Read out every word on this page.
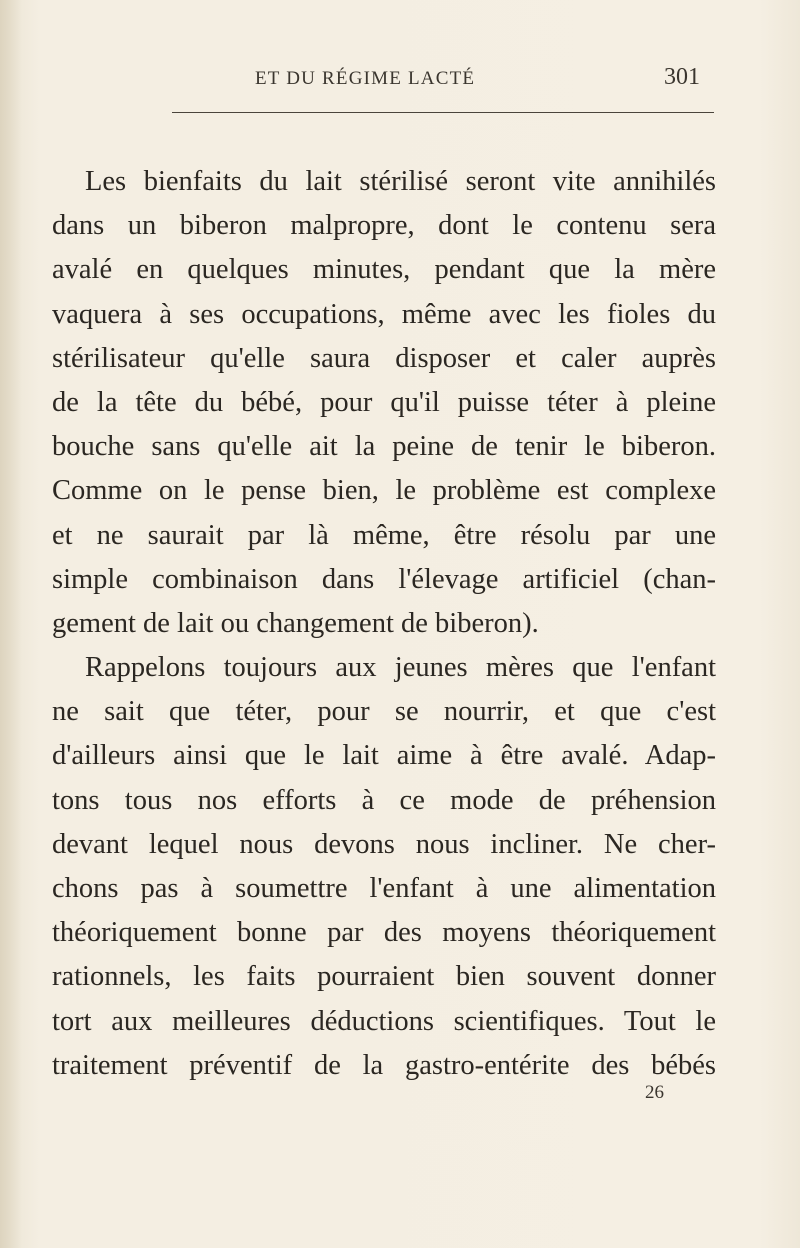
ET DU RÉGIME LACTÉ	301
Les bienfaits du lait stérilisé seront vite annihilés
dans un biberon malpropre, dont le contenu sera
avalé en quelques minutes, pendant que la mère
vaquera à ses occupations, même avec les fioles du
stérilisateur qu'elle saura disposer et caler auprès
de la tête du bébé, pour qu'il puisse téter à pleine
bouche sans qu'elle ait la peine de tenir le biberon.
Comme on le pense bien, le problème est complexe
et ne saurait par là même, être résolu par une
simple combinaison dans l'élevage artificiel (chan-
gement de lait ou changement de biberon).
Rappelons toujours aux jeunes mères que l'enfant
ne sait que téter, pour se nourrir, et que c'est
d'ailleurs ainsi que le lait aime à être avalé. Adap-
tons tous nos efforts à ce mode de préhension
devant lequel nous devons nous incliner. Ne cher-
chons pas à soumettre l'enfant à une alimentation
théoriquement bonne par des moyens théoriquement
rationnels, les faits pourraient bien souvent donner
tort aux meilleures déductions scientifiques. Tout le
traitement préventif de la gastro-entérite des bébés
26
